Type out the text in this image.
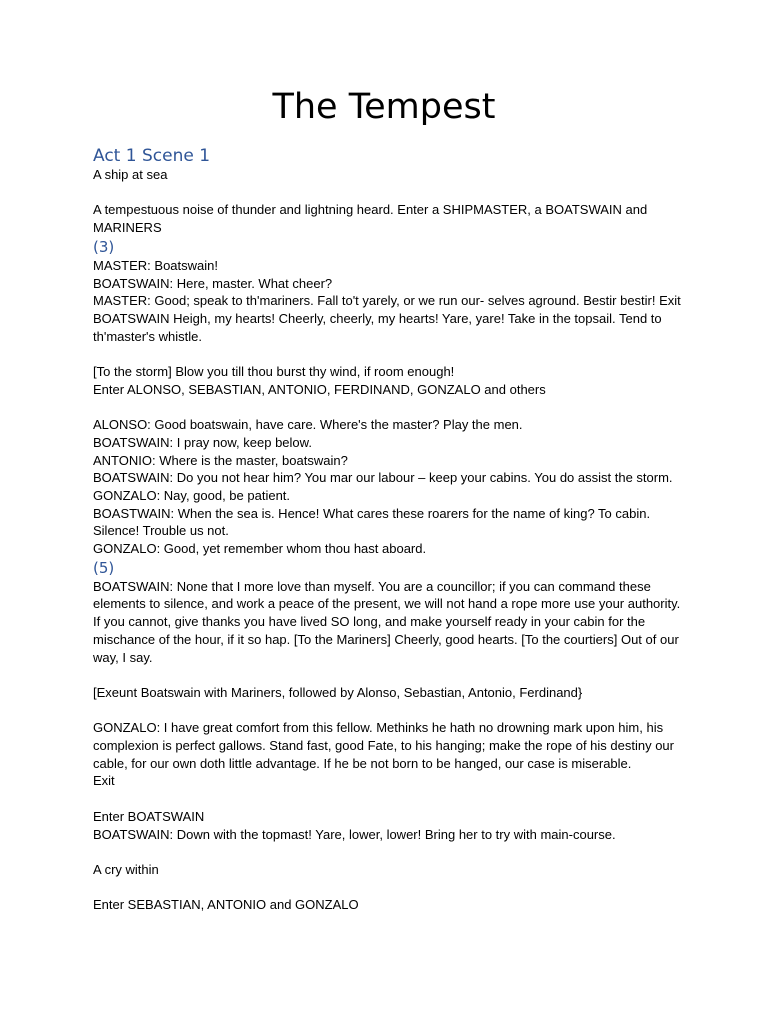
The Tempest
Act 1 Scene 1

A ship at sea

A tempestuous noise of thunder and lightning heard. Enter a SHIPMASTER, a BOATSWAIN and MARINERS

(3)

MASTER: Boatswain!

BOATSWAIN: Here, master. What cheer?

MASTER: Good; speak to th'mariners. Fall to't yarely, or we run our- selves aground. Bestir bestir! Exit

BOATSWAIN Heigh, my hearts! Cheerly, cheerly, my hearts! Yare, yare! Take in the topsail. Tend to th'master's whistle.

[To the storm] Blow you till thou burst thy wind, if room enough!

Enter ALONSO, SEBASTIAN, ANTONIO, FERDINAND, GONZALO and others

ALONSO: Good boatswain, have care. Where's the master? Play the men.

BOATSWAIN: I pray now, keep below.

ANTONIO: Where is the master, boatswain?

BOATSWAIN: Do you not hear him? You mar our labour – keep your cabins. You do assist the storm.

GONZALO: Nay, good, be patient.

BOASTWAIN: When the sea is. Hence! What cares these roarers for the name of king? To cabin. Silence! Trouble us not.

GONZALO: Good, yet remember whom thou hast aboard.

(5)

BOATSWAIN: None that I more love than myself. You are a councillor; if you can command these elements to silence, and work a peace of the present, we will not hand a rope more use your authority. If you cannot, give thanks you have lived SO long, and make yourself ready in your cabin for the mischance of the hour, if it so hap. [To the Mariners] Cheerly, good hearts. [To the courtiers] Out of our way, I say.

[Exeunt Boatswain with Mariners, followed by Alonso, Sebastian, Antonio, Ferdinand}

GONZALO: I have great comfort from this fellow. Methinks he hath no drowning mark upon him, his complexion is perfect gallows. Stand fast, good Fate, to his hanging; make the rope of his destiny our cable, for our own doth little advantage. If he be not born to be hanged, our case is miserable.

Exit

Enter BOATSWAIN

BOATSWAIN: Down with the topmast! Yare, lower, lower! Bring her to try with main-course.

A cry within

Enter SEBASTIAN, ANTONIO and GONZALO
